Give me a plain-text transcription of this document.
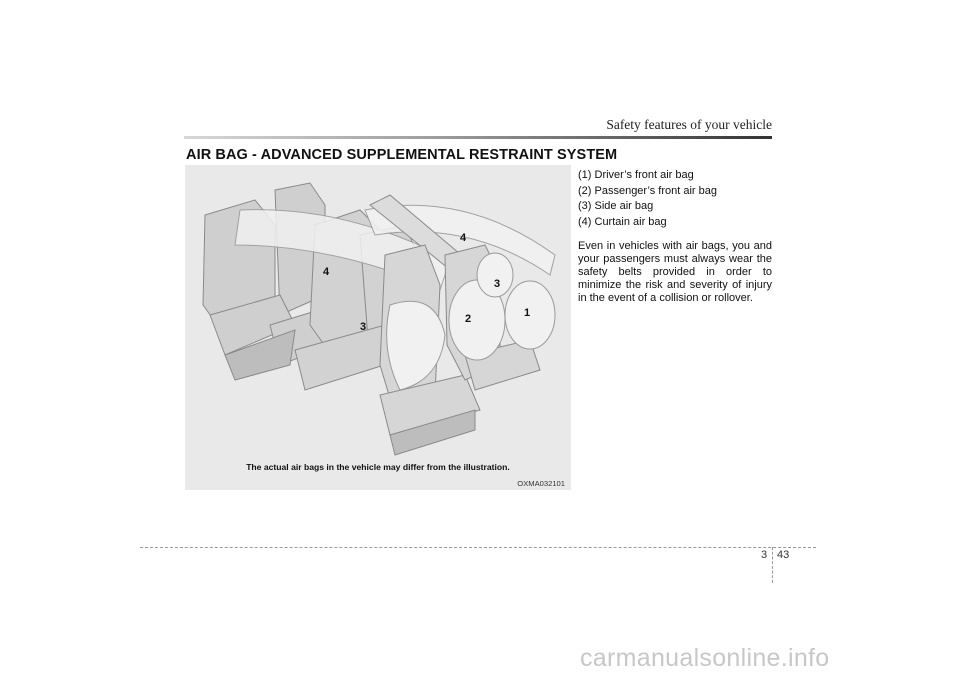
Safety features of your vehicle
AIR BAG - ADVANCED SUPPLEMENTAL RESTRAINT SYSTEM
4
4
3
3
2	1
The actual air bags in the vehicle may differ from the illustration.
OXMA032101
(1) Driver’s front air bag
(2) Passenger’s front air bag
(3) Side air bag
(4) Curtain air bag
Even in vehicles with air bags, you and your passengers must always wear the safety belts provided in order to minimize the risk and severity of injury in the event of a collision or rollover.
3 43
carmanualsonline.info
